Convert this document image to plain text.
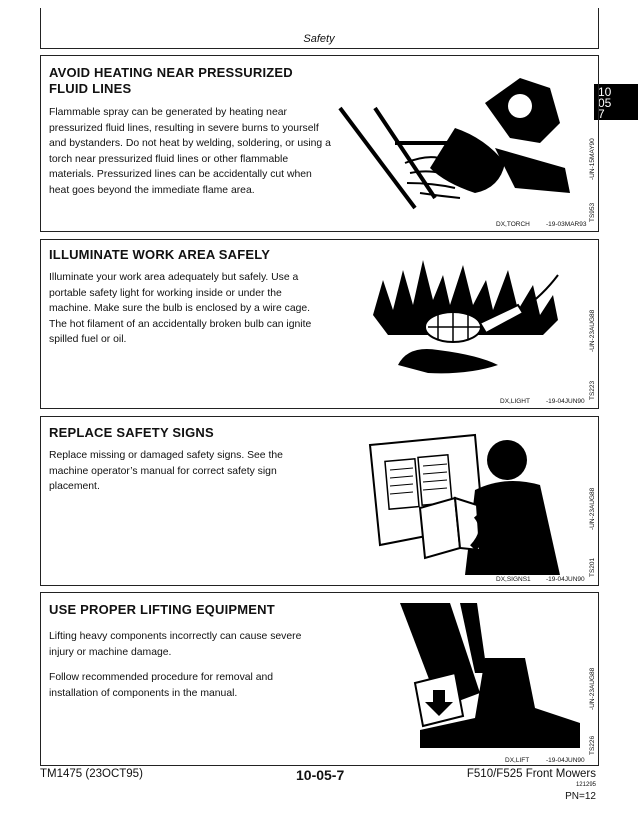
Safety
10
05
7
AVOID HEATING NEAR PRESSURIZED
FLUID LINES

Flammable spray can be generated by heating near pressurized fluid lines, resulting in severe burns to yourself and bystanders. Do not heat by welding, soldering, or using a torch near pressurized fluid lines or other flammable materials. Pressurized lines can be accidentally cut when heat goes beyond the immediate flame area.

TS953
-UN-15MAY90
DX,TORCH -19-03MAR93
ILLUMINATE WORK AREA SAFELY

Illuminate your work area adequately but safely. Use a portable safety light for working inside or under the machine. Make sure the bulb is enclosed by a wire cage. The hot filament of an accidentally broken bulb can ignite spilled fuel or oil.

TS223
-UN-23AUG88
DX,LIGHT -19-04JUN90
REPLACE SAFETY SIGNS

Replace missing or damaged safety signs. See the machine operator’s manual for correct safety sign placement.

TS201
-UN-23AUG88
DX,SIGNS1 -19-04JUN90
USE PROPER LIFTING EQUIPMENT

Lifting heavy components incorrectly can cause severe injury or machine damage.

Follow recommended procedure for removal and installation of components in the manual.

TS226
-UN-23AUG88
DX,LIFT	-19-04JUN90
TM1475 (23OCT95)	10-05-7	F510/F525 Front Mowers
121295
PN=12
